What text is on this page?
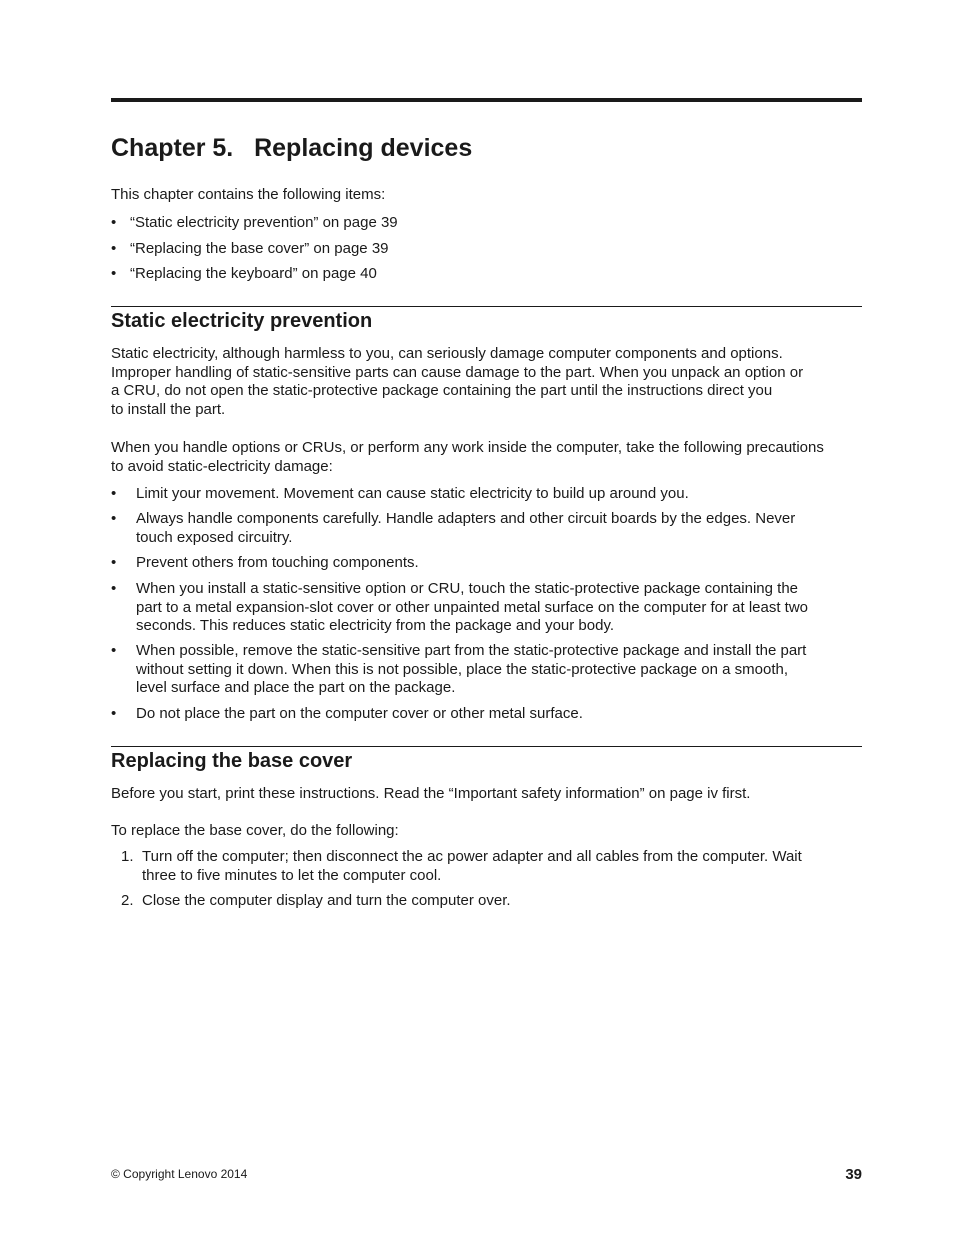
Chapter 5.   Replacing devices

This chapter contains the following items:

• “Static electricity prevention” on page 39
• “Replacing the base cover” on page 39
• “Replacing the keyboard” on page 40
Static electricity prevention

Static electricity, although harmless to you, can seriously damage computer components and options.
Improper handling of static-sensitive parts can cause damage to the part. When you unpack an option or
a CRU, do not open the static-protective package containing the part until the instructions direct you
to install the part.

When you handle options or CRUs, or perform any work inside the computer, take the following precautions
to avoid static-electricity damage:

• Limit your movement. Movement can cause static electricity to build up around you.
• Always handle components carefully. Handle adapters and other circuit boards by the edges. Never
touch exposed circuitry.
• Prevent others from touching components.
• When you install a static-sensitive option or CRU, touch the static-protective package containing the
part to a metal expansion-slot cover or other unpainted metal surface on the computer for at least two
seconds. This reduces static electricity from the package and your body.
• When possible, remove the static-sensitive part from the static-protective package and install the part
without setting it down. When this is not possible, place the static-protective package on a smooth,
level surface and place the part on the package.
• Do not place the part on the computer cover or other metal surface.
Replacing the base cover

Before you start, print these instructions. Read the “Important safety information” on page iv first.

To replace the base cover, do the following:

1. Turn off the computer; then disconnect the ac power adapter and all cables from the computer. Wait
three to five minutes to let the computer cool.
2. Close the computer display and turn the computer over.
© Copyright Lenovo 2014	39
